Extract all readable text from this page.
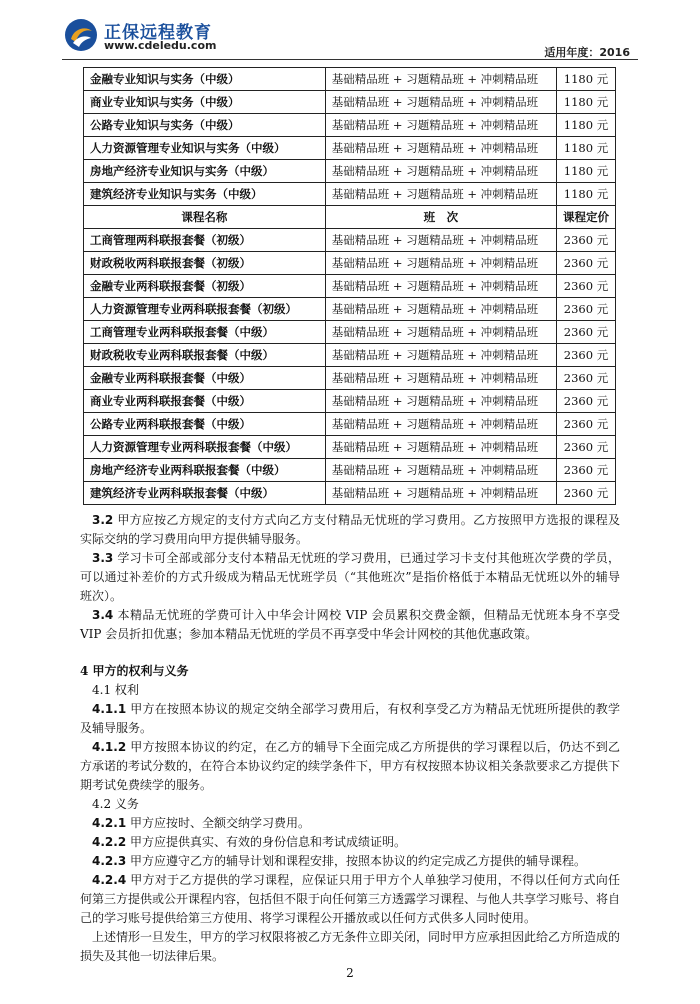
正保远程教育
www.cdeledu.com
适用年度：2016
金融专业知识与实务（中级）	基础精品班 + 习题精品班 + 冲刺精品班	1180 元
商业专业知识与实务（中级）	基础精品班 + 习题精品班 + 冲刺精品班	1180 元
公路专业知识与实务（中级）	基础精品班 + 习题精品班 + 冲刺精品班	1180 元
人力资源管理专业知识与实务（中级）	基础精品班 + 习题精品班 + 冲刺精品班	1180 元
房地产经济专业知识与实务（中级）	基础精品班 + 习题精品班 + 冲刺精品班	1180 元
建筑经济专业知识与实务（中级）	基础精品班 + 习题精品班 + 冲刺精品班	1180 元
课程名称	班　次	课程定价
工商管理两科联报套餐（初级）	基础精品班 + 习题精品班 + 冲刺精品班	2360 元
财政税收两科联报套餐（初级）	基础精品班 + 习题精品班 + 冲刺精品班	2360 元
金融专业两科联报套餐（初级）	基础精品班 + 习题精品班 + 冲刺精品班	2360 元
人力资源管理专业两科联报套餐（初级）	基础精品班 + 习题精品班 + 冲刺精品班	2360 元
工商管理专业两科联报套餐（中级）	基础精品班 + 习题精品班 + 冲刺精品班	2360 元
财政税收专业两科联报套餐（中级）	基础精品班 + 习题精品班 + 冲刺精品班	2360 元
金融专业两科联报套餐（中级）	基础精品班 + 习题精品班 + 冲刺精品班	2360 元
商业专业两科联报套餐（中级）	基础精品班 + 习题精品班 + 冲刺精品班	2360 元
公路专业两科联报套餐（中级）	基础精品班 + 习题精品班 + 冲刺精品班	2360 元
人力资源管理专业两科联报套餐（中级）	基础精品班 + 习题精品班 + 冲刺精品班	2360 元
房地产经济专业两科联报套餐（中级）	基础精品班 + 习题精品班 + 冲刺精品班	2360 元
建筑经济专业两科联报套餐（中级）	基础精品班 + 习题精品班 + 冲刺精品班	2360 元

3.2 甲方应按乙方规定的支付方式向乙方支付精品无忧班的学习费用。乙方按照甲方选报的课程及实际交纳的学习费用向甲方提供辅导服务。

3.3 学习卡可全部或部分支付本精品无忧班的学习费用，已通过学习卡支付其他班次学费的学员，可以通过补差价的方式升级成为精品无忧班学员（“其他班次”是指价格低于本精品无忧班以外的辅导班次）。

3.4 本精品无忧班的学费可计入中华会计网校 VIP 会员累积交费金额，但精品无忧班本身不享受 VIP 会员折扣优惠；参加本精品无忧班的学员不再享受中华会计网校的其他优惠政策。

4 甲方的权利与义务

4.1 权利

4.1.1 甲方在按照本协议的规定交纳全部学习费用后，有权利享受乙方为精品无忧班所提供的教学及辅导服务。

4.1.2 甲方按照本协议的约定，在乙方的辅导下全面完成乙方所提供的学习课程以后，仍达不到乙方承诺的考试分数的，在符合本协议约定的续学条件下，甲方有权按照本协议相关条款要求乙方提供下期考试免费续学的服务。

4.2 义务

4.2.1 甲方应按时、全额交纳学习费用。

4.2.2 甲方应提供真实、有效的身份信息和考试成绩证明。

4.2.3 甲方应遵守乙方的辅导计划和课程安排，按照本协议的约定完成乙方提供的辅导课程。

4.2.4 甲方对于乙方提供的学习课程，应保证只用于甲方个人单独学习使用，不得以任何方式向任何第三方提供或公开课程内容，包括但不限于向任何第三方透露学习课程、与他人共享学习账号、将自己的学习账号提供给第三方使用、将学习课程公开播放或以任何方式供多人同时使用。

上述情形一旦发生，甲方的学习权限将被乙方无条件立即关闭，同时甲方应承担因此给乙方所造成的损失及其他一切法律后果。

2
